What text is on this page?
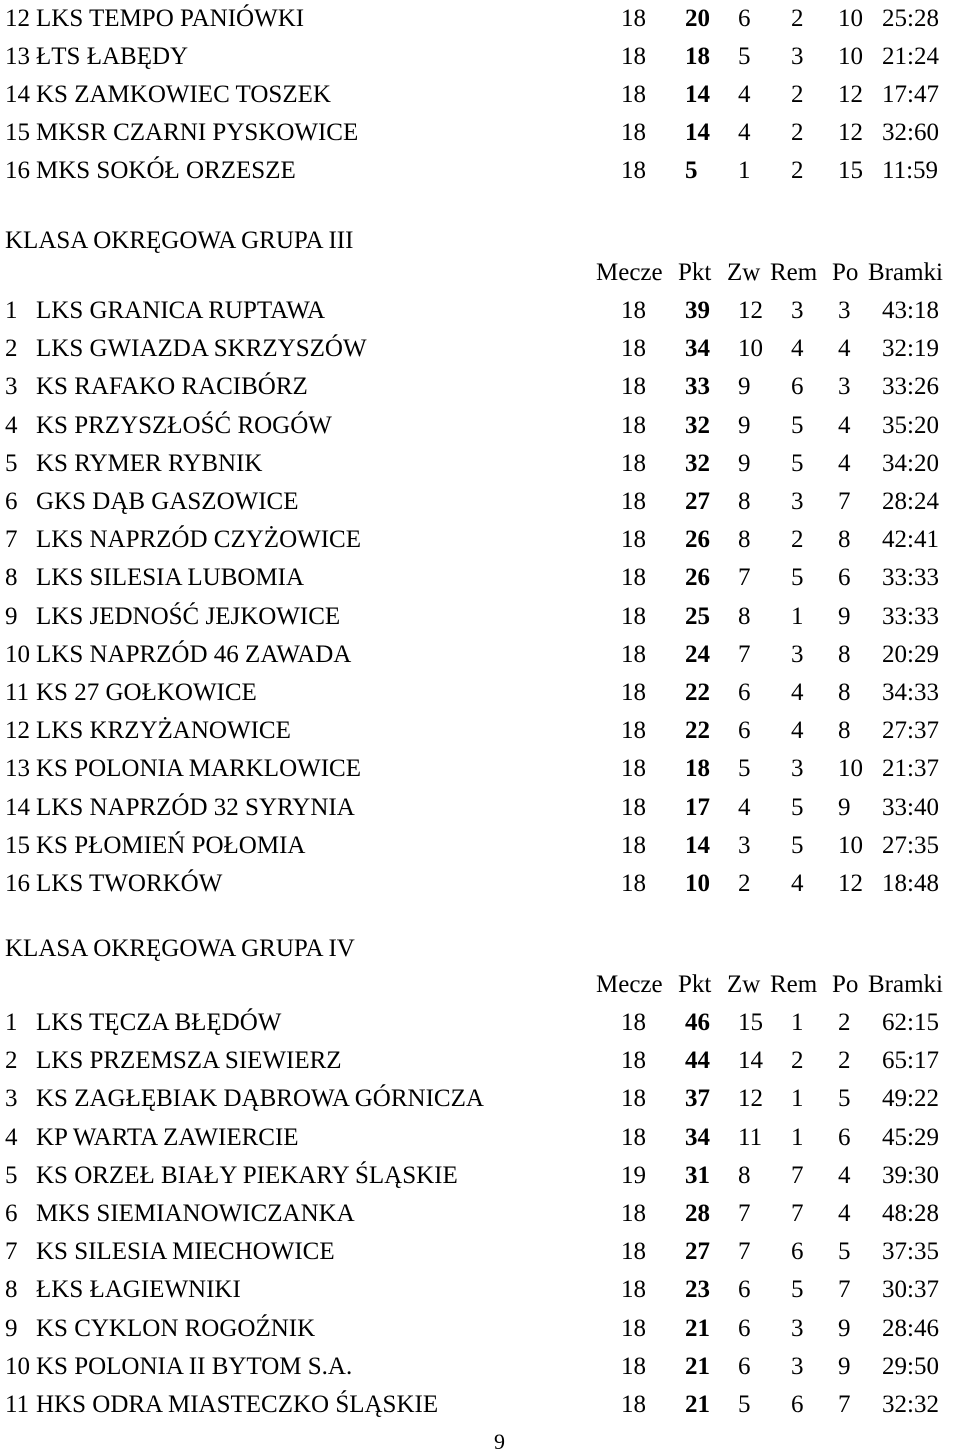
12 LKS TEMPO PANIÓWKI	18 20 6 2 10 25:28
13 ŁTS ŁABĘDY	18 18 5 3 10 21:24
14 KS ZAMKOWIEC TOSZEK	18 14 4 2 12 17:47
15 MKSR CZARNI PYSKOWICE	18 14 4 2 12 32:60
16 MKS SOKÓŁ ORZESZE	18 5 1 2 15 11:59
KLASA OKRĘGOWA GRUPA III
Mecze Pkt Zw Rem Po Bramki
1 LKS GRANICA RUPTAWA	18 39 12 3 3 43:18
2 LKS GWIAZDA SKRZYSZÓW	18 34 10 4 4 32:19
3 KS RAFAKO RACIBÓRZ	18 33 9 6 3 33:26
4 KS PRZYSZŁOŚĆ ROGÓW	18 32 9 5 4 35:20
5 KS RYMER RYBNIK	18 32 9 5 4 34:20
6 GKS DĄB GASZOWICE	18 27 8 3 7 28:24
7 LKS NAPRZÓD CZYŻOWICE	18 26 8 2 8 42:41
8 LKS SILESIA LUBOMIA	18 26 7 5 6 33:33
9 LKS JEDNOŚĆ JEJKOWICE	18 25 8 1 9 33:33
10 LKS NAPRZÓD 46 ZAWADA	18 24 7 3 8 20:29
11 KS 27 GOŁKOWICE	18 22 6 4 8 34:33
12 LKS KRZYŻANOWICE	18 22 6 4 8 27:37
13 KS POLONIA MARKLOWICE	18 18 5 3 10 21:37
14 LKS NAPRZÓD 32 SYRYNIA	18 17 4 5 9 33:40
15 KS PŁOMIEŃ POŁOMIA	18 14 3 5 10 27:35
16 LKS TWORKÓW	18 10 2 4 12 18:48
KLASA OKRĘGOWA GRUPA IV
Mecze Pkt Zw Rem Po Bramki
1 LKS TĘCZA BŁĘDÓW	18 46 15 1 2 62:15
2 LKS PRZEMSZA SIEWIERZ	18 44 14 2 2 65:17
3 KS ZAGŁĘBIAK DĄBROWA GÓRNICZA	18 37 12 1 5 49:22
4 KP WARTA ZAWIERCIE	18 34 11 1 6 45:29
5 KS ORZEŁ BIAŁY PIEKARY ŚLĄSKIE	19 31 8 7 4 39:30
6 MKS SIEMIANOWICZANKA	18 28 7 7 4 48:28
7 KS SILESIA MIECHOWICE	18 27 7 6 5 37:35
8 ŁKS ŁAGIEWNIKI	18 23 6 5 7 30:37
9 KS CYKLON ROGOŹNIK	18 21 6 3 9 28:46
10 KS POLONIA II BYTOM S.A.	18 21 6 3 9 29:50
11 HKS ODRA MIASTECZKO ŚLĄSKIE	18 21 5 6 7 32:32
9
